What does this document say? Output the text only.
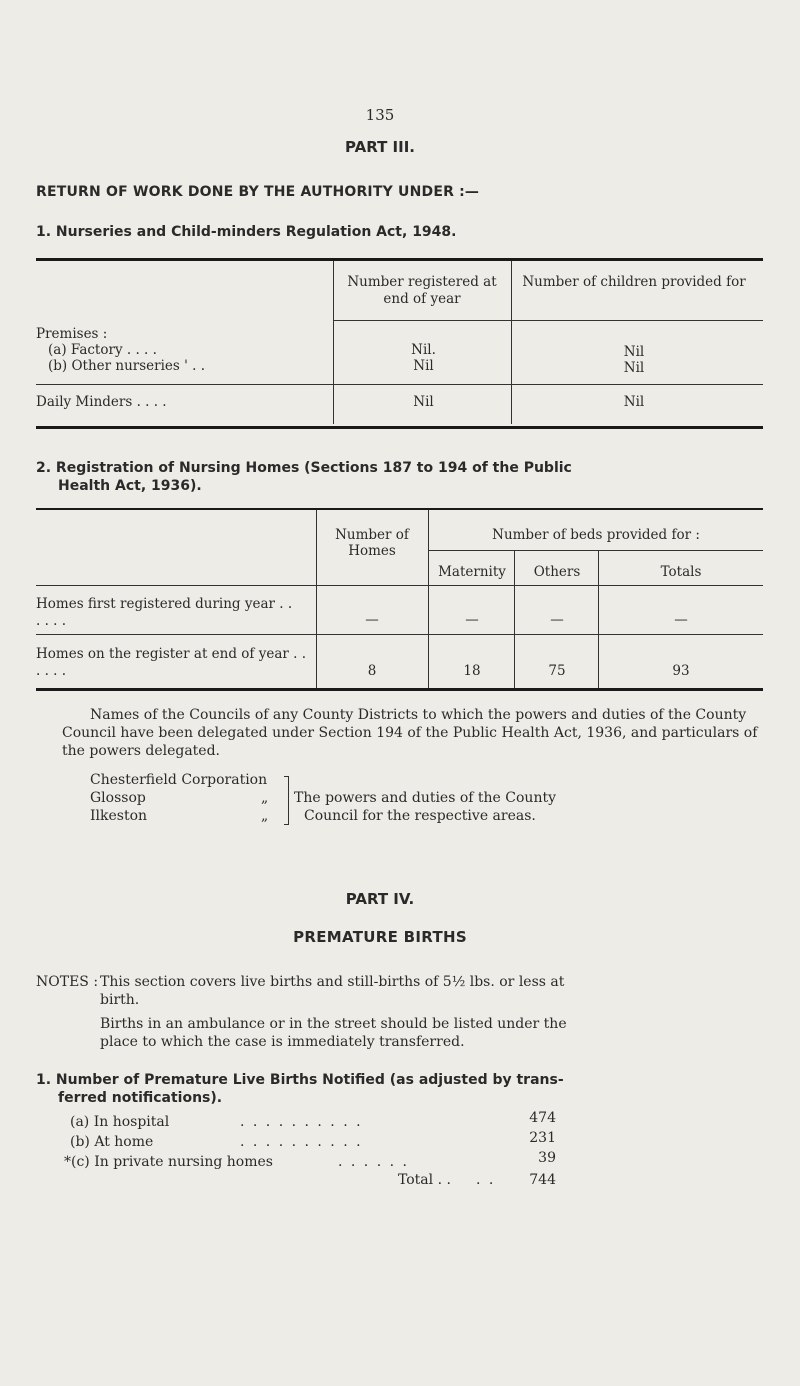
135
PART III.
RETURN OF WORK DONE BY THE AUTHORITY UNDER :—
1. Nurseries and Child-minders Regulation Act, 1948.
Number registered at end of year
Number of children provided for
Premises :
(a) Factory . . . .	Nil.	Nil
(b) Other nurseries ' . .	Nil	Nil
Daily Minders . . . .	Nil	Nil
2. Registration of Nursing Homes (Sections 187 to 194 of the Public
Health Act, 1936).
Number of Homes
Number of beds provided for :
Maternity	Others	Totals
Homes first registered during year . . . . . .	—	—	—	—
Homes on the register at end of year . . . . . .	8	18	75	93
Names of the Councils of any County Districts to which the powers and duties of the County Council have been delegated under Section 194 of the Public Health Act, 1936, and particulars of the powers delegated.
Chesterfield Corporation
Glossop
Ilkeston
„
„
The powers and duties of the County
Council for the respective areas.
PART IV.
PREMATURE BIRTHS
NOTES : This section covers live births and still-births of 5½ lbs. or less at
birth.
Births in an ambulance or in the street should be listed under the
place to which the case is immediately transferred.
1. Number of Premature Live Births Notified (as adjusted by trans-
ferred notifications).
(a) In hospital	. . . . . . . . . .	474
(b) At home	. . . . . . . . . .	231
*(c) In private nursing homes	. . . . . .	39
Total . . . .	744
